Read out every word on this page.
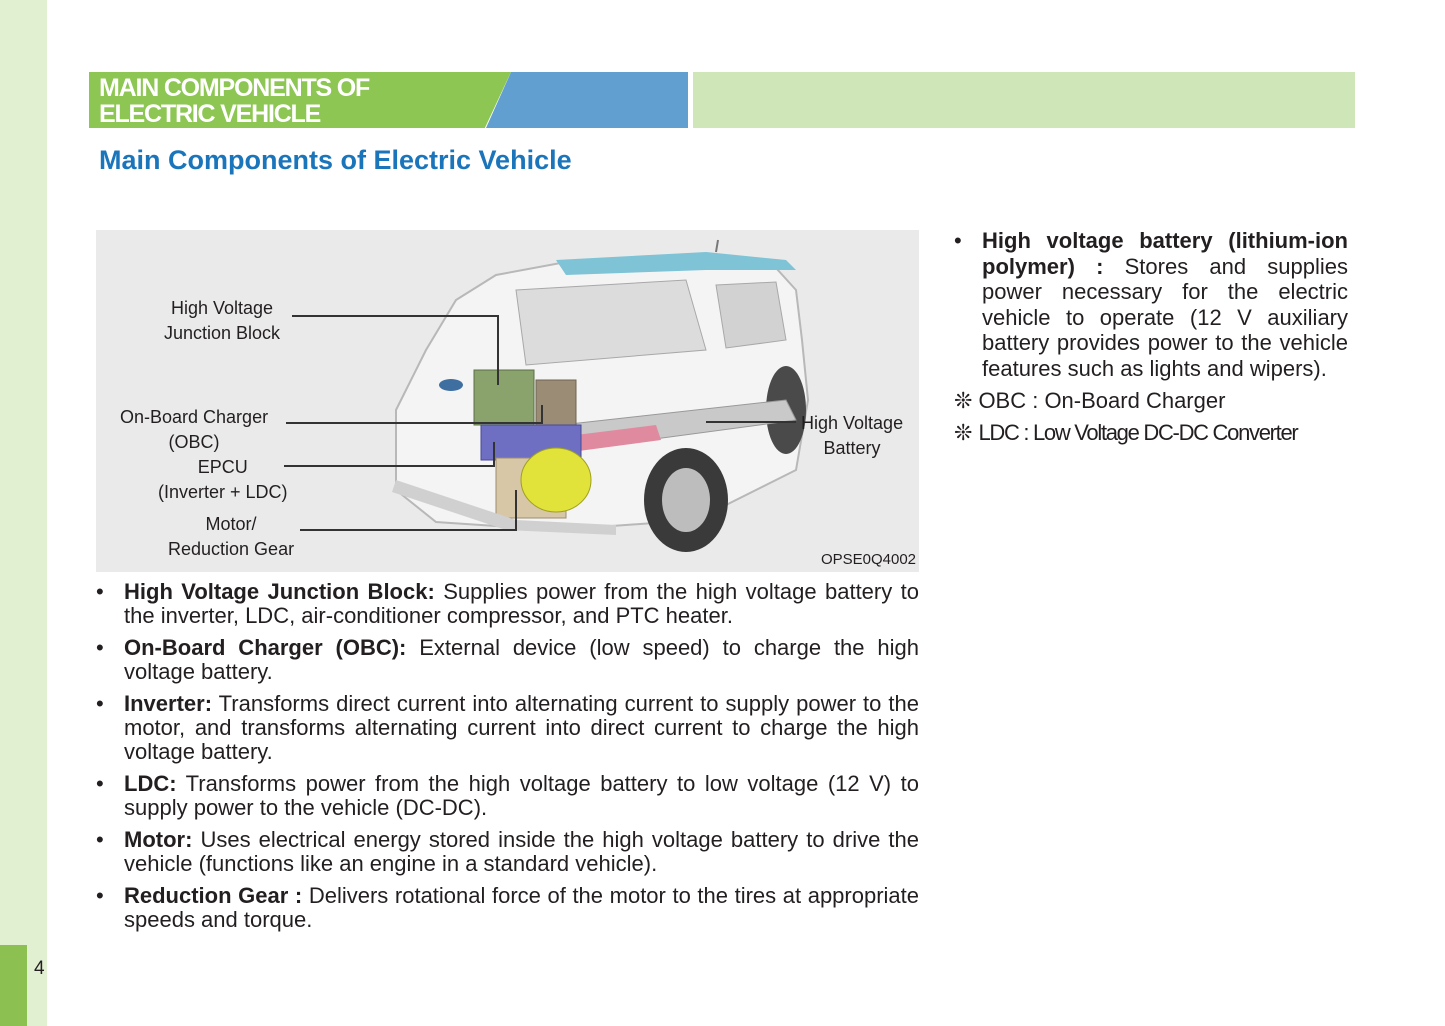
4
MAIN COMPONENTS OF
ELECTRIC VEHICLE
Main Components of Electric Vehicle
High Voltage
Junction Block
On-Board Charger
(OBC)
EPCU
(Inverter + LDC)
Motor/
Reduction Gear
High Voltage
Battery
OPSE0Q4002
• High Voltage Junction Block: Supplies power from the high voltage battery to the inverter, LDC, air-conditioner compressor, and PTC heater.
• On-Board Charger (OBC): External device (low speed) to charge the high voltage battery.
• Inverter: Transforms direct current into alternating current to supply power to the motor, and transforms alternating current into direct current to charge the high voltage battery.
• LDC: Transforms power from the high voltage battery to low voltage (12 V) to supply power to the vehicle (DC-DC).
• Motor: Uses electrical energy stored inside the high voltage battery to drive the vehicle (functions like an engine in a standard vehicle).
• Reduction Gear : Delivers rotational force of the motor to the tires at appropriate speeds and torque.
• High voltage battery (lithium-ion polymer) : Stores and supplies power necessary for the electric vehicle to operate (12 V auxiliary battery provides power to the vehicle features such as lights and wipers).
❊ OBC : On-Board Charger
❊ LDC : Low Voltage DC-DC Converter
